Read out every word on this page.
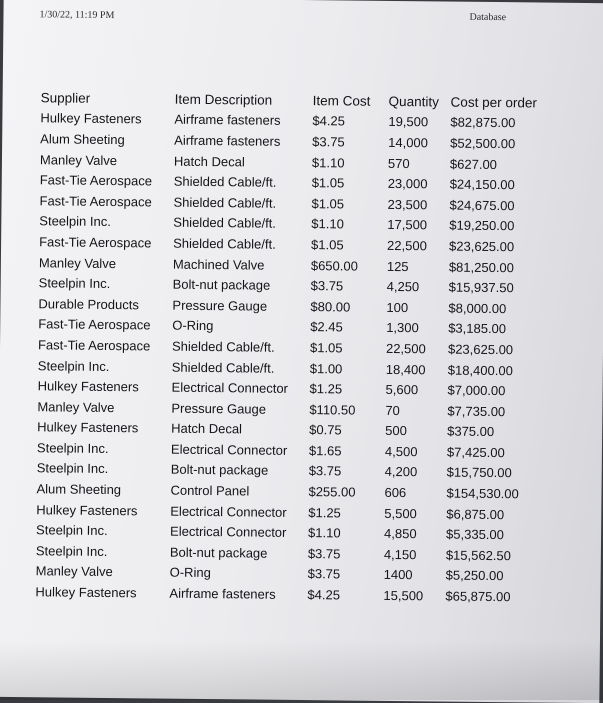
1/30/22, 11:19 PM	Database
Supplier	Item Description	Item Cost	Quantity	Cost per order
Hulkey Fasteners	Airframe fasteners	$4.25	19,500	$82,875.00
Alum Sheeting	Airframe fasteners	$3.75	14,000	$52,500.00
Manley Valve	Hatch Decal	$1.10	570	$627.00
Fast-Tie Aerospace	Shielded Cable/ft.	$1.05	23,000	$24,150.00
Fast-Tie Aerospace	Shielded Cable/ft.	$1.05	23,500	$24,675.00
Steelpin Inc.	Shielded Cable/ft.	$1.10	17,500	$19,250.00
Fast-Tie Aerospace	Shielded Cable/ft.	$1.05	22,500	$23,625.00
Manley Valve	Machined Valve	$650.00	125	$81,250.00
Steelpin Inc.	Bolt-nut package	$3.75	4,250	$15,937.50
Durable Products	Pressure Gauge	$80.00	100	$8,000.00
Fast-Tie Aerospace	O-Ring	$2.45	1,300	$3,185.00
Fast-Tie Aerospace	Shielded Cable/ft.	$1.05	22,500	$23,625.00
Steelpin Inc.	Shielded Cable/ft.	$1.00	18,400	$18,400.00
Hulkey Fasteners	Electrical Connector	$1.25	5,600	$7,000.00
Manley Valve	Pressure Gauge	$110.50	70	$7,735.00
Hulkey Fasteners	Hatch Decal	$0.75	500	$375.00
Steelpin Inc.	Electrical Connector	$1.65	4,500	$7,425.00
Steelpin Inc.	Bolt-nut package	$3.75	4,200	$15,750.00
Alum Sheeting	Control Panel	$255.00	606	$154,530.00
Hulkey Fasteners	Electrical Connector	$1.25	5,500	$6,875.00
Steelpin Inc.	Electrical Connector	$1.10	4,850	$5,335.00
Steelpin Inc.	Bolt-nut package	$3.75	4,150	$15,562.50
Manley Valve	O-Ring	$3.75	1400	$5,250.00
Hulkey Fasteners	Airframe fasteners	$4.25	15,500	$65,875.00
